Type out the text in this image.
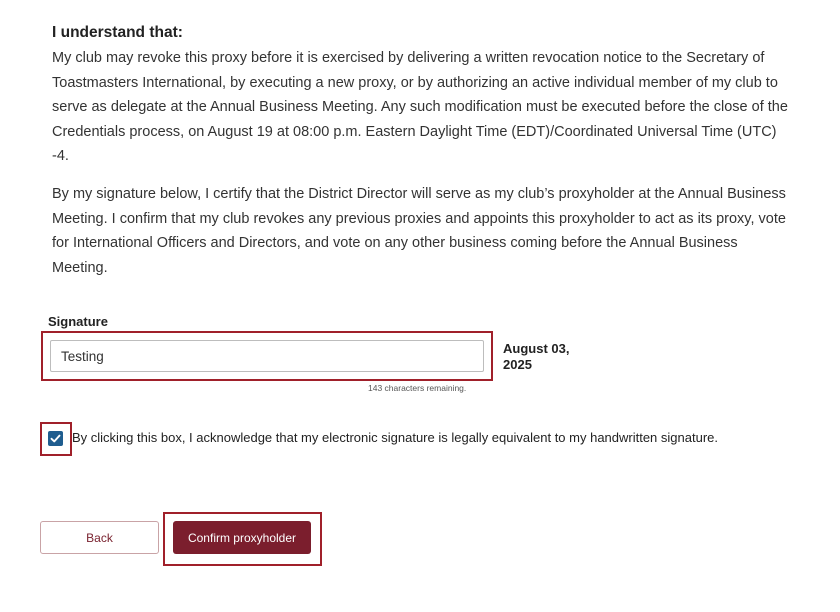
I understand that:
My club may revoke this proxy before it is exercised by delivering a written revocation notice to the Secretary of Toastmasters International, by executing a new proxy, or by authorizing an active individual member of my club to serve as delegate at the Annual Business Meeting. Any such modification must be executed before the close of the Credentials process, on August 19 at 08:00 p.m. Eastern Daylight Time (EDT)/Coordinated Universal Time (UTC) -4.
By my signature below, I certify that the District Director will serve as my club’s proxyholder at the Annual Business Meeting. I confirm that my club revokes any previous proxies and appoints this proxyholder to act as its proxy, vote for International Officers and Directors, and vote on any other business coming before the Annual Business Meeting.
Signature
Testing
August 03, 2025
143 characters remaining.
By clicking this box, I acknowledge that my electronic signature is legally equivalent to my handwritten signature.
Back	Confirm proxyholder
